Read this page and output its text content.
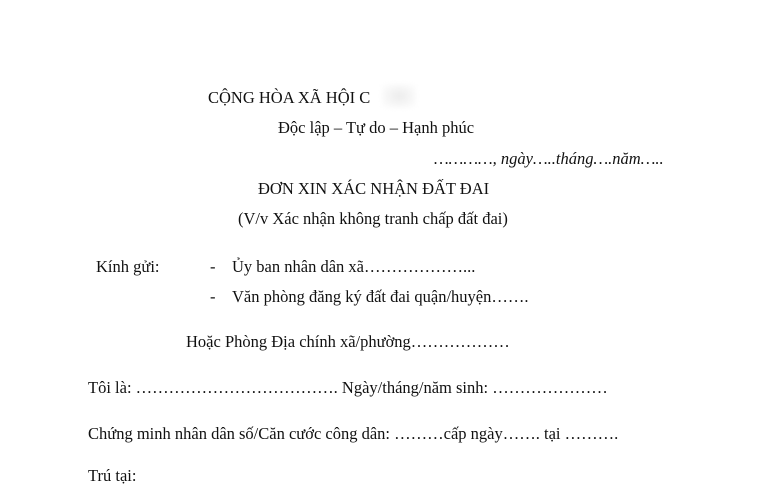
CỘNG HÒA XÃ HỘI C
Độc lập – Tự do – Hạnh phúc
…………, ngày…..tháng….năm…..
ĐƠN XIN XÁC NHẬN ĐẤT ĐAI
(V/v Xác nhận không tranh chấp đất đai)
Kính gửi:	- Ủy ban nhân dân xã………………...
- Văn phòng đăng ký đất đai quận/huyện…….
Hoặc Phòng Địa chính xã/phường………………
Tôi là: ………………………………. Ngày/tháng/năm sinh: …………………
Chứng minh nhân dân số/Căn cước công dân: ………cấp ngày……. tại ……….
Trú tại:
